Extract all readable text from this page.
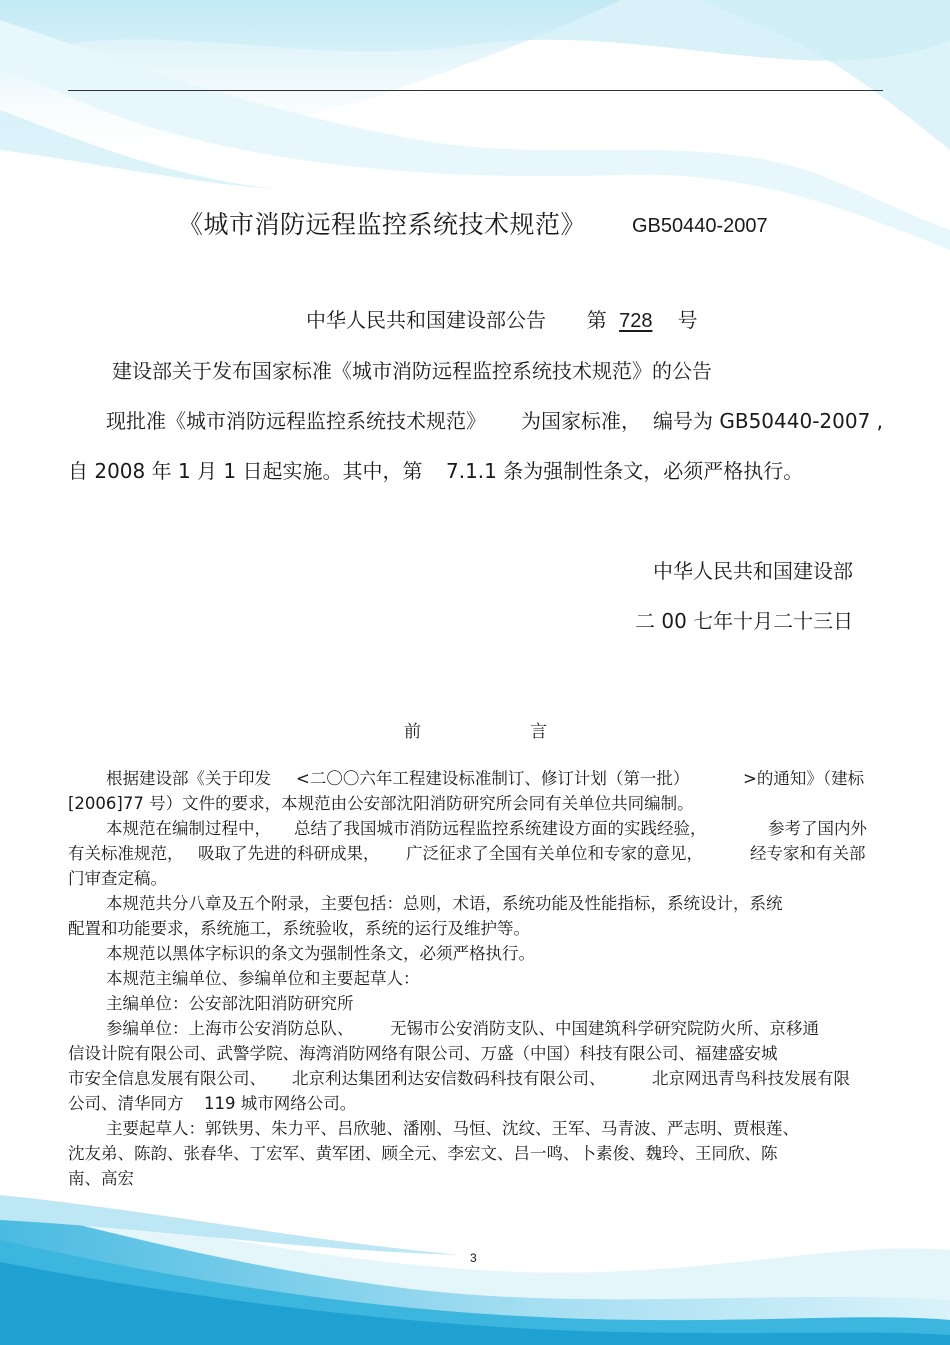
《城市消防远程监控系统技术规范》 GB50440-2007
中华人民共和国建设部公告 第 728 号
建设部关于发布国家标准《城市消防远程监控系统技术规范》的公告
现批准《城市消防远程监控系统技术规范》 为国家标准， 编号为 GB50440-2007 ,
自 2008 年 1 月 1 日起实施。其中，第 7.1.1 条为强制性条文，必须严格执行。
中华人民共和国建设部
二 00 七年十月二十三日
前	言
根据建设部《关于印发 <二〇〇六年工程建设标准制订、修订计划（第一批）	>的通知》（建标
[2006]77 号）文件的要求，本规范由公安部沈阳消防研究所会同有关单位共同编制。
本规范在编制过程中， 总结了我国城市消防远程监控系统建设方面的实践经验，	参考了国内外
有关标准规范， 吸取了先进的科研成果， 广泛征求了全国有关单位和专家的意见，	经专家和有关部
门审查定稿。
本规范共分八章及五个附录，主要包括：总则，术语，系统功能及性能指标，系统设计，系统
配置和功能要求，系统施工，系统验收，系统的运行及维护等。
本规范以黑体字标识的条文为强制性条文，必须严格执行。
本规范主编单位、参编单位和主要起草人：
主编单位：公安部沈阳消防研究所
参编单位：上海市公安消防总队、 无锡市公安消防支队、中国建筑科学研究院防火所、京移通
信设计院有限公司、武警学院、海湾消防网络有限公司、万盛（中国）科技有限公司、福建盛安城
市安全信息发展有限公司、 北京利达集团利达安信数码科技有限公司、	北京网迅青鸟科技发展有限
公司、清华同方 119 城市网络公司。
主要起草人：郭铁男、朱力平、吕欣驰、潘刚、马恒、沈纹、王军、马青波、严志明、贾根莲、
沈友弟、陈韵、张春华、丁宏军、黄军团、顾全元、李宏文、吕一鸣、卜素俊、魏玲、王同欣、陈
南、高宏
3
